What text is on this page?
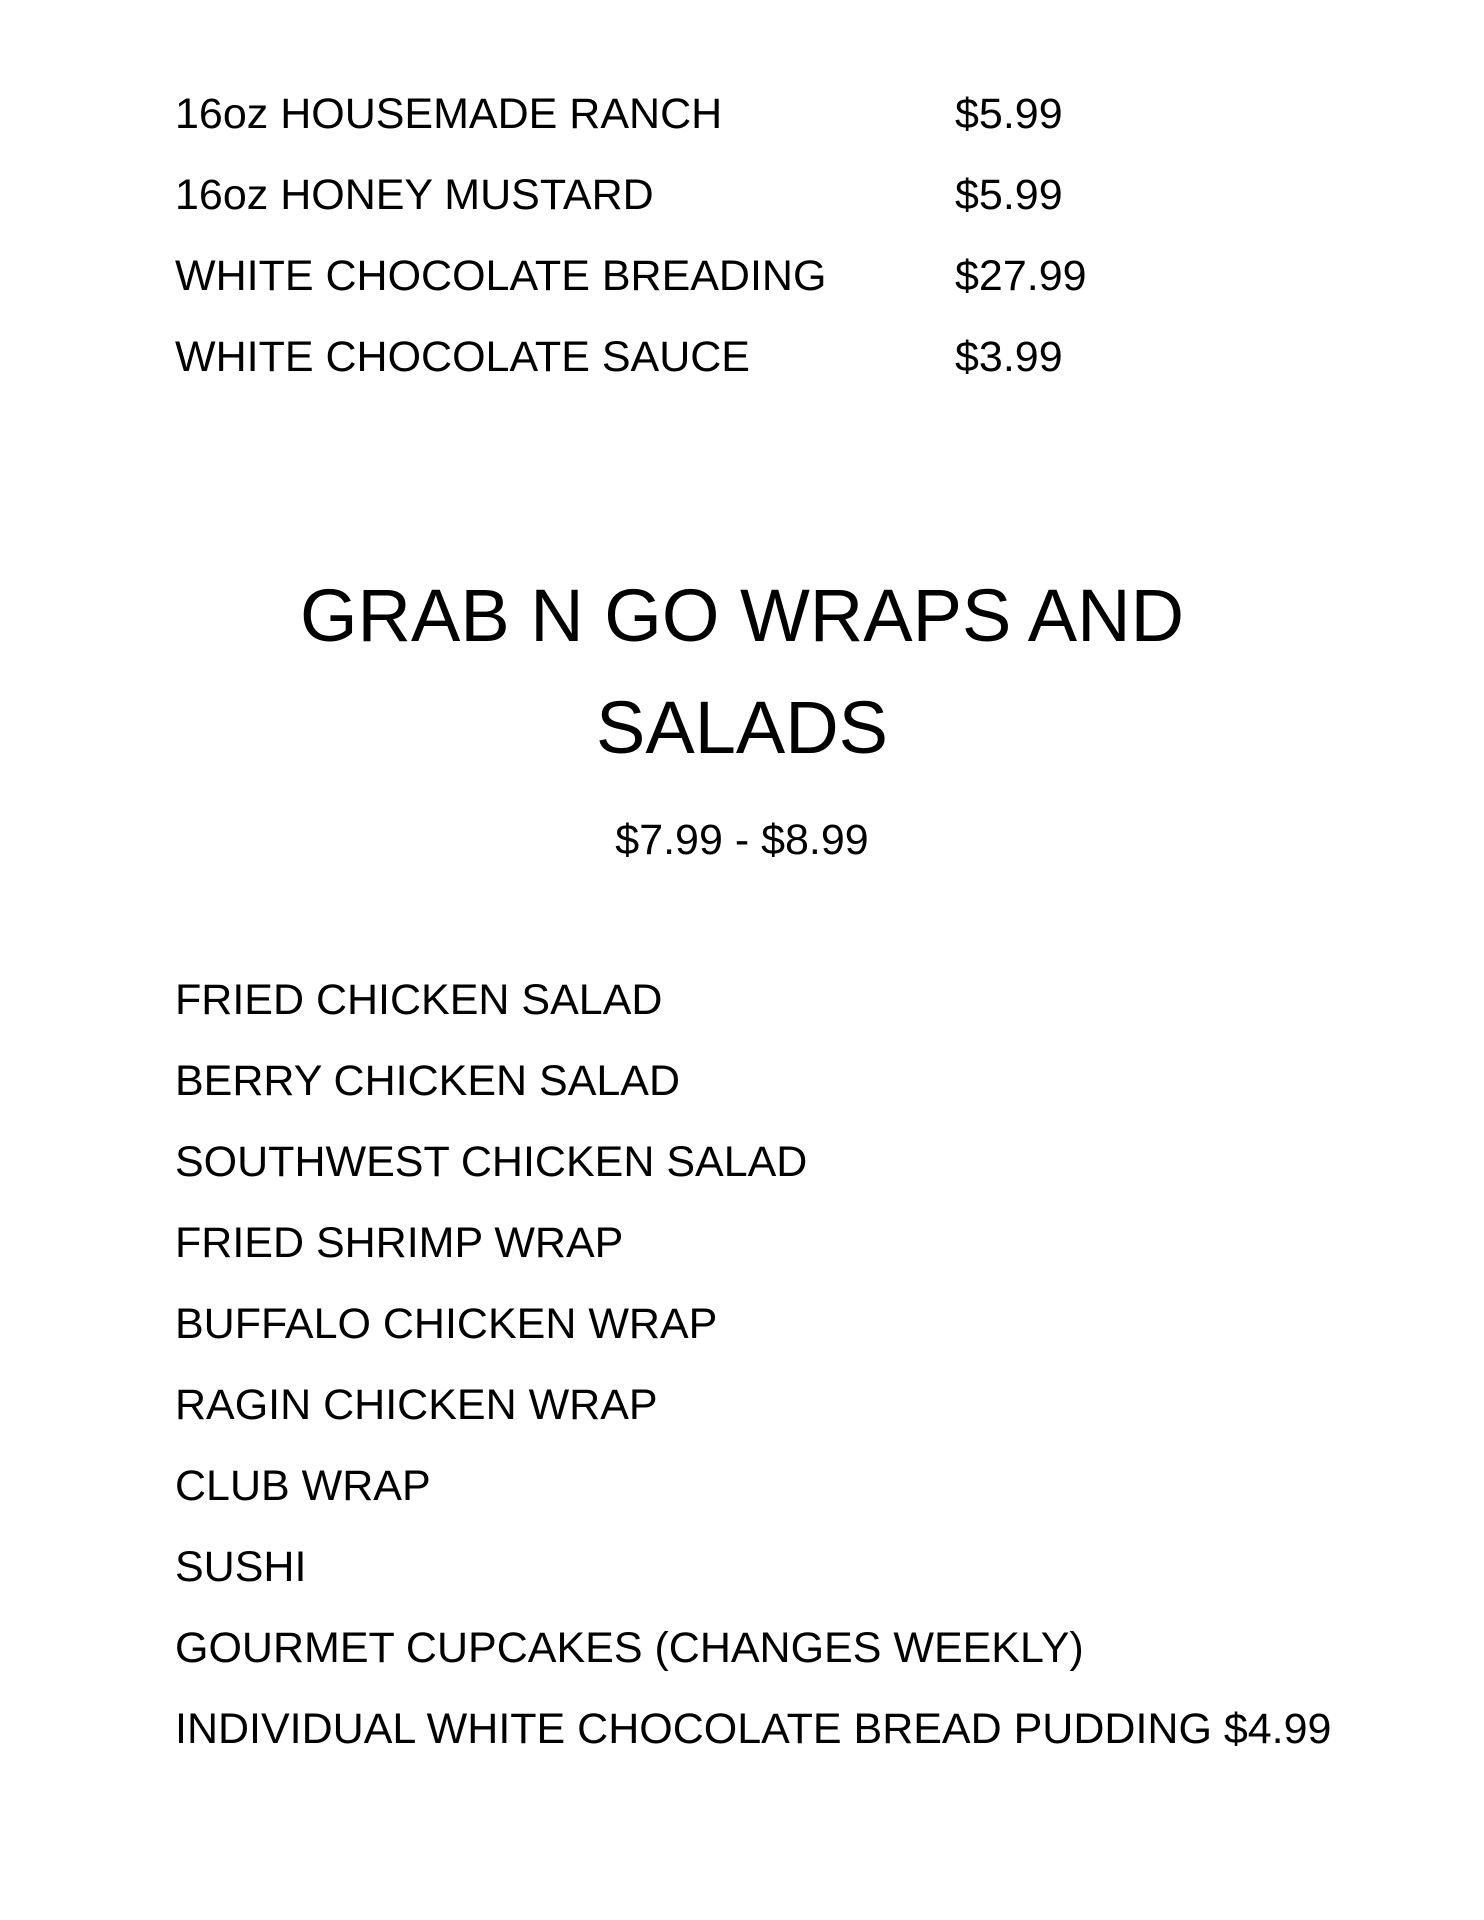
16oz HOUSEMADE RANCH	$5.99
16oz HONEY MUSTARD	$5.99
WHITE CHOCOLATE BREADING	$27.99
WHITE CHOCOLATE SAUCE	$3.99
GRAB N GO WRAPS AND
SALADS
$7.99 - $8.99
FRIED CHICKEN SALAD
BERRY CHICKEN SALAD
SOUTHWEST CHICKEN SALAD
FRIED SHRIMP WRAP
BUFFALO CHICKEN WRAP
RAGIN CHICKEN WRAP
CLUB WRAP
SUSHI
GOURMET CUPCAKES (CHANGES WEEKLY)
INDIVIDUAL WHITE CHOCOLATE BREAD PUDDING $4.99
